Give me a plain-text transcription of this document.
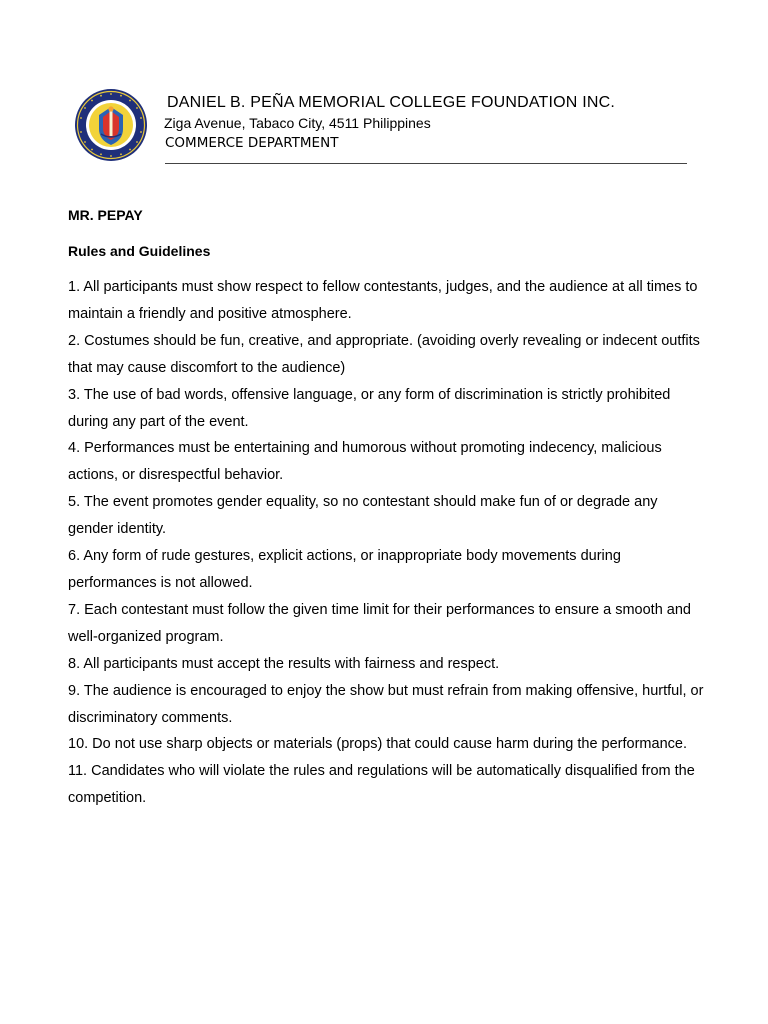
DANIEL B. PEÑA MEMORIAL COLLEGE FOUNDATION INC.
Ziga Avenue, Tabaco City, 4511 Philippines
COMMERCE DEPARTMENT
MR. PEPAY
Rules and Guidelines
1. All participants must show respect to fellow contestants, judges, and the audience at all times to maintain a friendly and positive atmosphere.
2. Costumes should be fun, creative, and appropriate. (avoiding overly revealing or indecent outfits that may cause discomfort to the audience)
3. The use of bad words, offensive language, or any form of discrimination is strictly prohibited during any part of the event.
4. Performances must be entertaining and humorous without promoting indecency, malicious actions, or disrespectful behavior.
5. The event promotes gender equality, so no contestant should make fun of or degrade any gender identity.
6. Any form of rude gestures, explicit actions, or inappropriate body movements during performances is not allowed.
7. Each contestant must follow the given time limit for their performances to ensure a smooth and well-organized program.
8. All participants must accept the results with fairness and respect.
9. The audience is encouraged to enjoy the show but must refrain from making offensive, hurtful, or discriminatory comments.
10. Do not use sharp objects or materials (props) that could cause harm during the performance.
11. Candidates who will violate the rules and regulations will be automatically disqualified from the competition.
